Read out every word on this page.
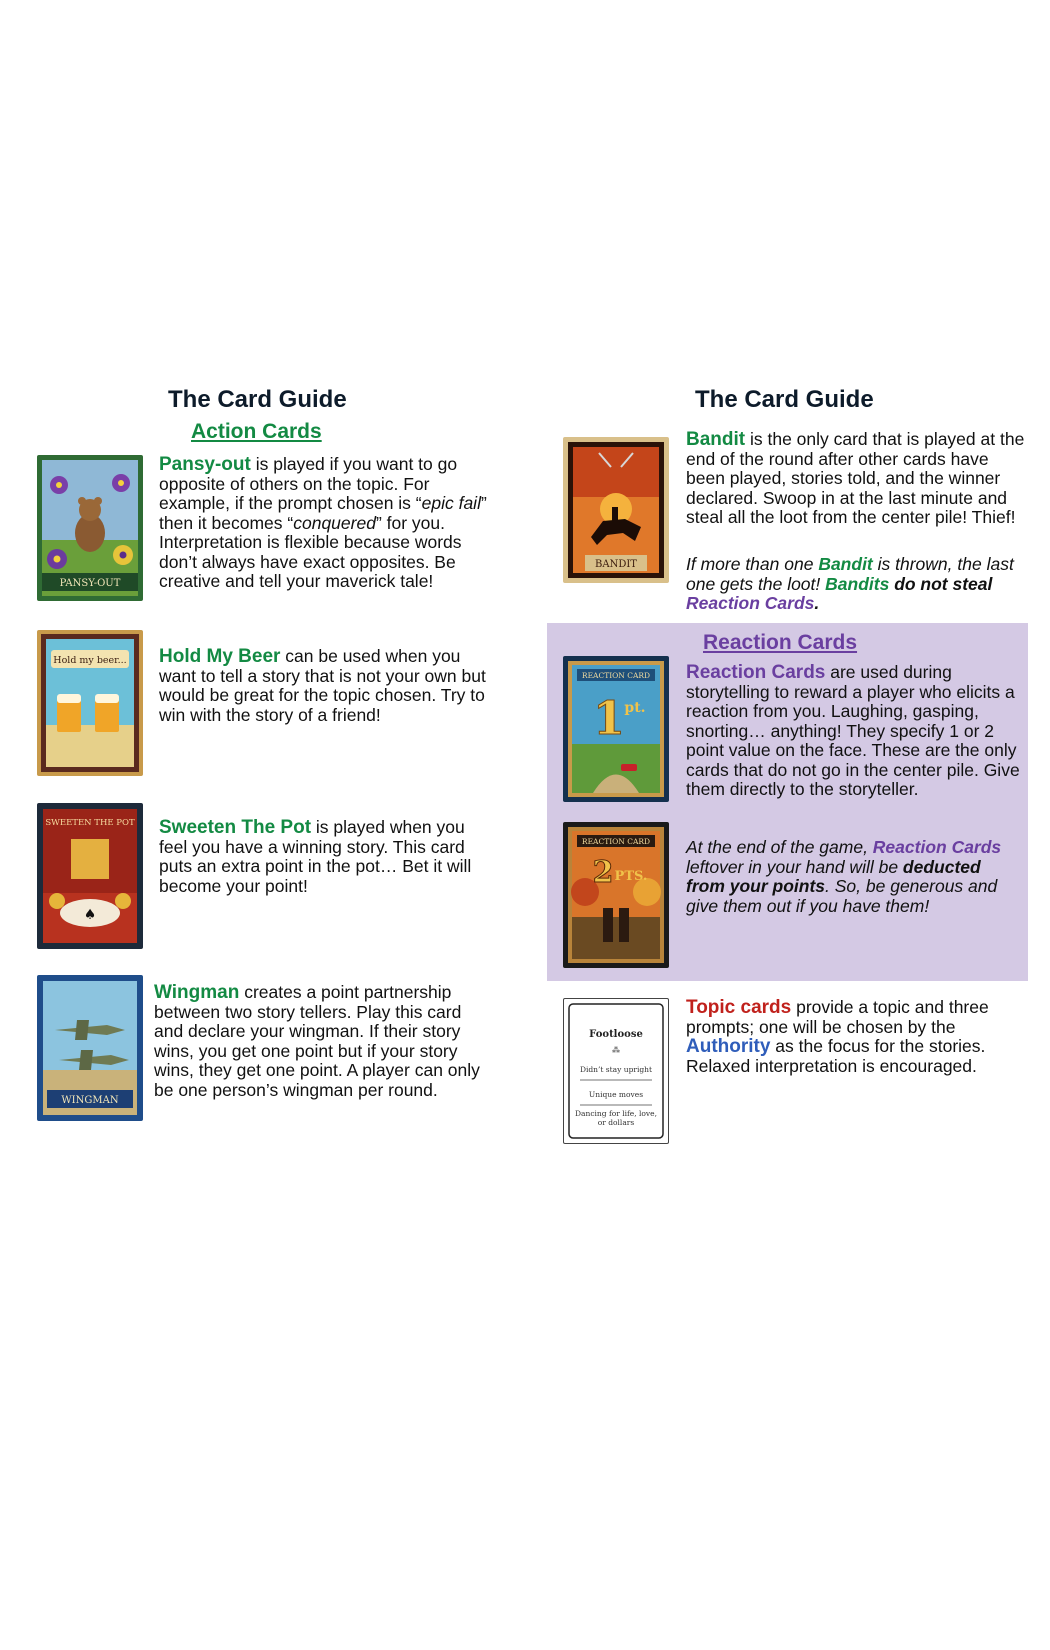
The Card Guide
Action Cards
PANSY-OUT
Pansy-out is played if you want to go opposite of others on the topic. For example, if the prompt chosen is “epic fail” then it becomes “conquered” for you. Interpretation is flexible because words don’t always have exact opposites. Be creative and tell your maverick tale!
Hold my beer... Hold My Beer can be used when you want to tell a story that is not your own but would be great for the topic chosen. Try to win with the story of a friend!
♠
SWEETEN THE POT Sweeten The Pot is played when you feel you have a winning story. This card puts an extra point in the pot… Bet it will become your point!
WINGMAN
Wingman creates a point partnership between two story tellers. Play this card and declare your wingman. If their story wins, you get one point but if your story wins, they get one point. A player can only be one person’s wingman per round.
The Card Guide
BANDIT
Bandit is the only card that is played at the end of the round after other cards have been played, stories told, and the winner declared. Swoop in at the last minute and steal all the loot from the center pile! Thief!
If more than one Bandit is thrown, the last one gets the loot! Bandits do not steal Reaction Cards.
Reaction Cards
REACTION CARD
1 pt.
REACTION CARD
2 PTS.
Reaction Cards are used during storytelling to reward a player who elicits a reaction from you. Laughing, gasping, snorting… anything! They specify 1 or 2 point value on the face. These are the only cards that do not go in the center pile. Give them directly to the storyteller.
At the end of the game, Reaction Cards leftover in your hand will be deducted from your points. So, be generous and give them out if you have them!
Footloose
⁂
Didn’t stay upright
Unique moves
Dancing for life, love, or dollars
Topic cards provide a topic and three prompts; one will be chosen by the Authority as the focus for the stories. Relaxed interpretation is encouraged.
